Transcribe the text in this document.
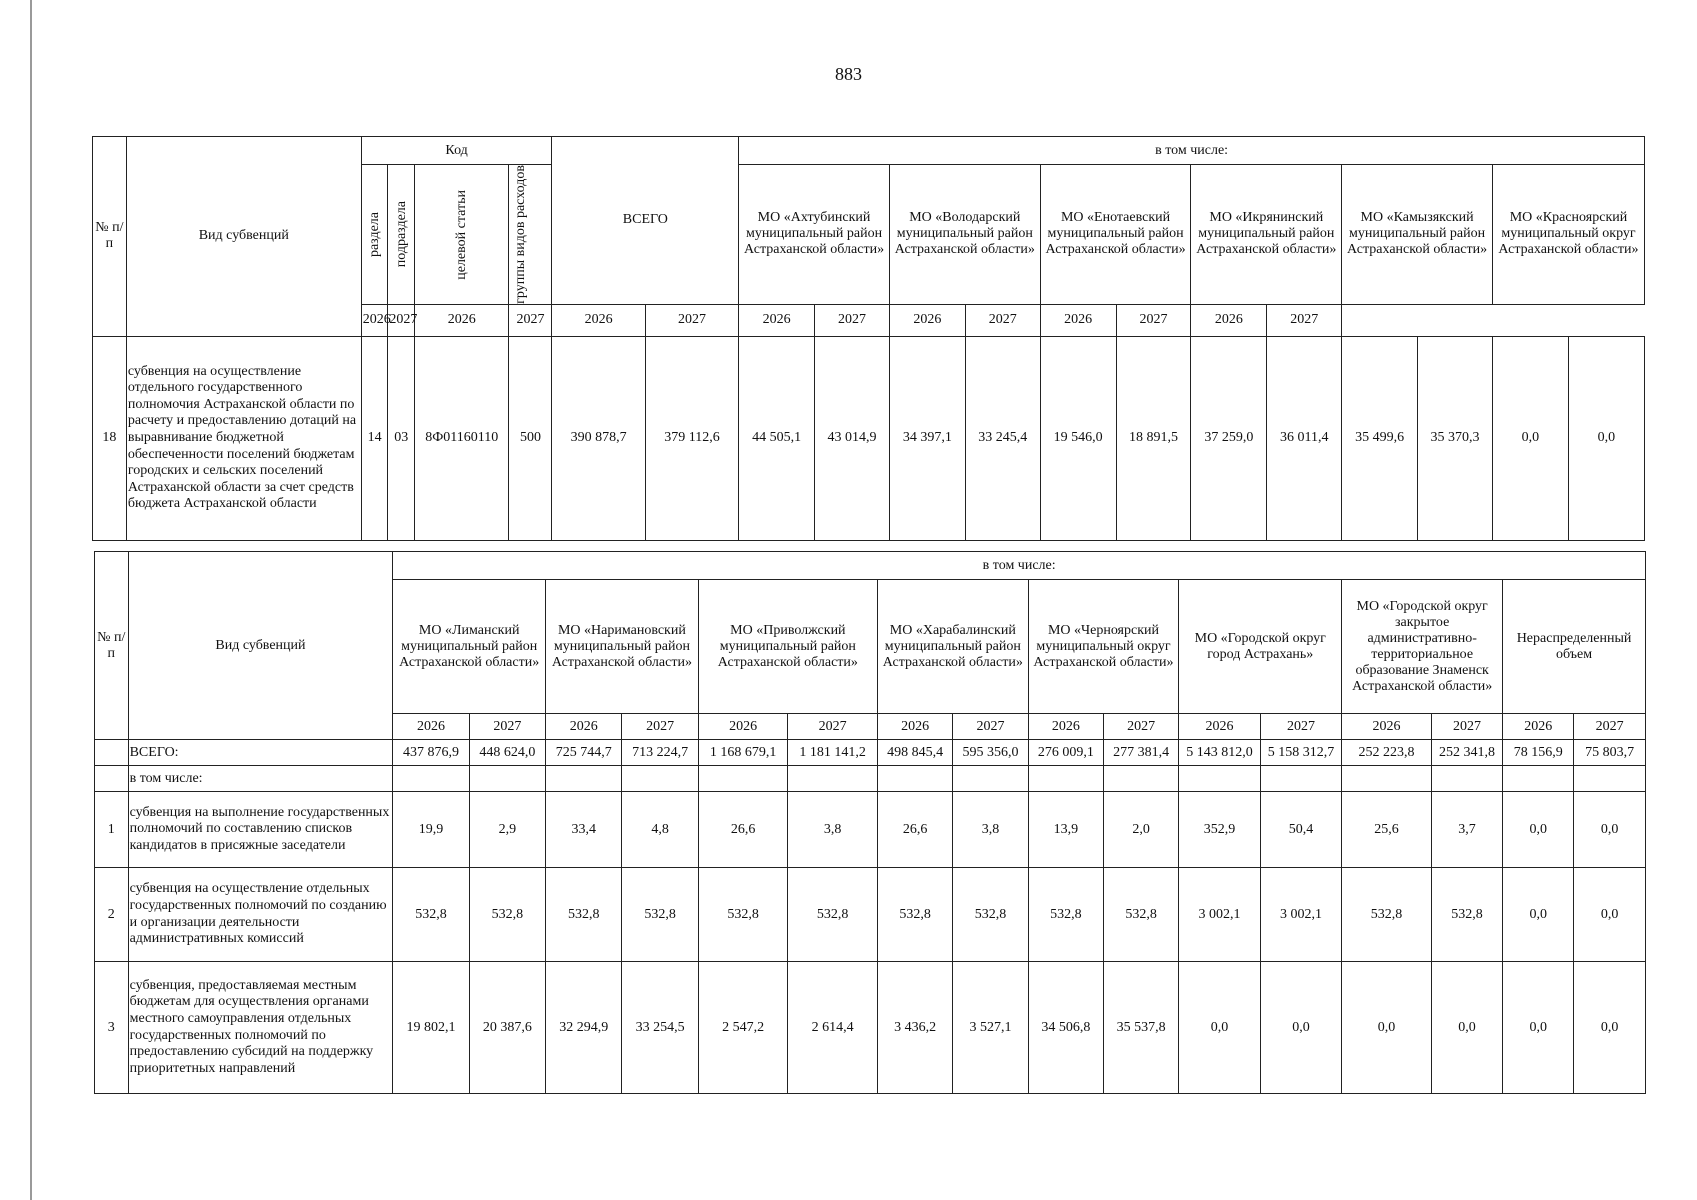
883
№ п/п	Вид субвенций	Код				ВСЕГО		в том числе:											

		раздела	подраздела	целевой статьи	группы видов расходов			МО «Ахтубинский муниципальный район Астраханской области»		МО «Володарский муниципальный район Астраханской области»		МО «Енотаевский муниципальный район Астраханской области»		МО «Икрянинский муниципальный район Астраханской области»		МО «Камызякский муниципальный район Астраханской области»		МО «Красноярский муниципальный округ Астраханской области»	
		2026	2027	2026	2027	2026	2027	2026	2027	2026	2027	2026	2027	2026	2027				
18	субвенция на осуществление отдельного государственного полномочия Астраханской области по расчету и предоставлению дотаций на выравнивание бюджетной обеспеченности поселений бюджетам городских и сельских поселений Астраханской области за счет средств бюджета Астраханской области	14	03	8Ф01160110	500	390 878,7	379 112,6	44 505,1	43 014,9	34 397,1	33 245,4	19 546,0	18 891,5	37 259,0	36 011,4	35 499,6	35 370,3	0,0	0,0
№ п/п	Вид субвенций	в том числе:															
		МО «Лиманский муниципальный район Астраханской области»		МО «Наримановский муниципальный район Астраханской области»		МО «Приволжский муниципальный район Астраханской области»		МО «Харабалинский муниципальный район Астраханской области»		МО «Черноярский муниципальный округ Астраханской области»		МО «Городской округ город Астрахань»		МО «Городской округ закрытое административно-территориальное образование Знаменск Астраханской области»		Нераспределенный объем	
		2026	2027	2026	2027	2026	2027	2026	2027	2026	2027	2026	2027	2026	2027	2026	2027
	ВСЕГО:	437 876,9	448 624,0	725 744,7	713 224,7	1 168 679,1	1 181 141,2	498 845,4	595 356,0	276 009,1	277 381,4	5 143 812,0	5 158 312,7	252 223,8	252 341,8	78 156,9	75 803,7
	в том числе:																
1	субвенция на выполнение государственных полномочий по составлению списков кандидатов в присяжные заседатели	19,9	2,9	33,4	4,8	26,6	3,8	26,6	3,8	13,9	2,0	352,9	50,4	25,6	3,7	0,0	0,0
2	субвенция на осуществление отдельных государственных полномочий по созданию и организации деятельности административных комиссий	532,8	532,8	532,8	532,8	532,8	532,8	532,8	532,8	532,8	532,8	3 002,1	3 002,1	532,8	532,8	0,0	0,0
3	субвенция, предоставляемая местным бюджетам для осуществления органами местного самоуправления отдельных государственных полномочий по предоставлению субсидий на поддержку приоритетных направлений	19 802,1	20 387,6	32 294,9	33 254,5	2 547,2	2 614,4	3 436,2	3 527,1	34 506,8	35 537,8	0,0	0,0	0,0	0,0	0,0	0,0
